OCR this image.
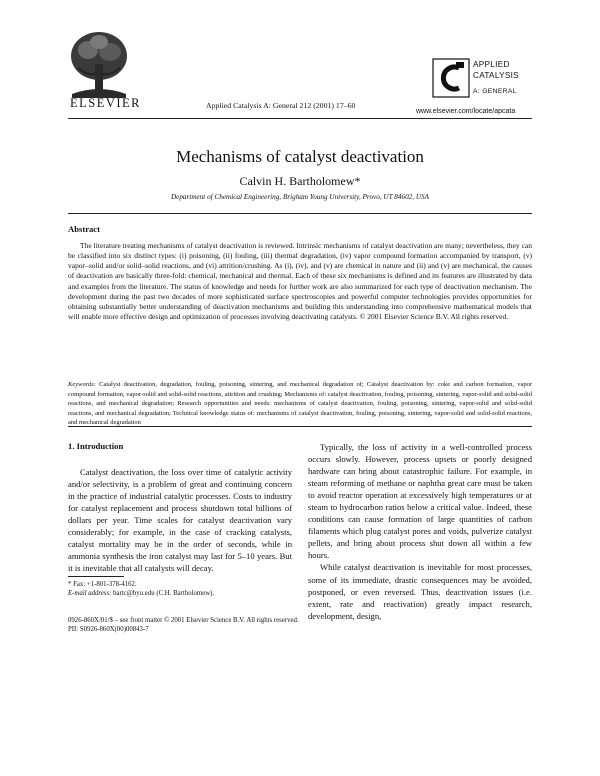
ELSEVIER	Applied Catalysis A: General 212 (2001) 17–60
APPLIED
CATALYSIS
A: GENERAL
www.elsevier.com/locate/apcata
Mechanisms of catalyst deactivation
Calvin H. Bartholomew*
Department of Chemical Engineering, Brigham Young University, Provo, UT 84602, USA
Abstract
The literature treating mechanisms of catalyst deactivation is reviewed. Intrinsic mechanisms of catalyst deactivation are many; nevertheless, they can be classified into six distinct types: (i) poisoning, (ii) fouling, (iii) thermal degradation, (iv) vapor compound formation accompanied by transport, (v) vapor–solid and/or solid–solid reactions, and (vi) attrition/crushing. As (i), (iv), and (v) are chemical in nature and (ii) and (v) are mechanical, the causes of deactivation are basically three-fold: chemical, mechanical and thermal. Each of these six mechanisms is defined and its features are illustrated by data and examples from the literature. The status of knowledge and needs for further work are also summarized for each type of deactivation mechanism. The development during the past two decades of more sophisticated surface spectroscopies and powerful computer technologies provides opportunities for obtaining substantially better understanding of deactivation mechanisms and building this understanding into comprehensive mathematical models that will enable more effective design and optimization of processes involving deactivating catalysts. © 2001 Elsevier Science B.V. All rights reserved.
Keywords: Catalyst deactivation, degradation, fouling, poisoning, sintering, and mechanical degradation of; Catalyst deactivation by: coke and carbon formation, vapor compound formation, vapor-solid and solid-solid reactions, attrition and crushing; Mechanisms of: catalyst deactivation, fouling, poisoning, sintering, vapor-solid and solid-solid reactions, and mechanical degradation; Research opportunities and needs: mechanisms of catalyst deactivation, fouling, poisoning, sintering, vapor-solid and solid-solid reactions, and mechanical degradation; Technical knowledge status of: mechanisms of catalyst deactivation, fouling, poisoning, sintering, vapor-solid and solid-solid reactions, and mechanical degradation
1. Introduction

Catalyst deactivation, the loss over time of catalytic activity and/or selectivity, is a problem of great and continuing concern in the practice of industrial catalytic processes. Costs to industry for catalyst replacement and process shutdown total billions of dollars per year. Time scales for catalyst deactivation vary considerably; for example, in the case of cracking catalysts, catalyst mortality may be in the order of seconds, while in ammonia synthesis the iron catalyst may last for 5–10 years. But it is inevitable that all catalysts will decay.

Typically, the loss of activity in a well-controlled process occurs slowly. However, process upsets or poorly designed hardware can bring about catastrophic failure. For example, in steam reforming of methane or naphtha great care must be taken to avoid reactor operation at excessively high temperatures or at steam to hydrocarbon ratios below a critical value. Indeed, these conditions can cause formation of large quantities of carbon filaments which plug catalyst pores and voids, pulverize catalyst pellets, and bring about process shut down all within a few hours.

While catalyst deactivation is inevitable for most processes, some of its immediate, drastic consequences may be avoided, postponed, or even reversed. Thus, deactivation issues (i.e. extent, rate and reactivation) greatly impact research, development, design,

* Fax: +1-801-378-4162.
E-mail address: bartc@byu.edu (C.H. Bartholomew).
0926-860X/01/$ – see front matter © 2001 Elsevier Science B.V. All rights reserved.
PII: S0926-860X(00)00843-7
